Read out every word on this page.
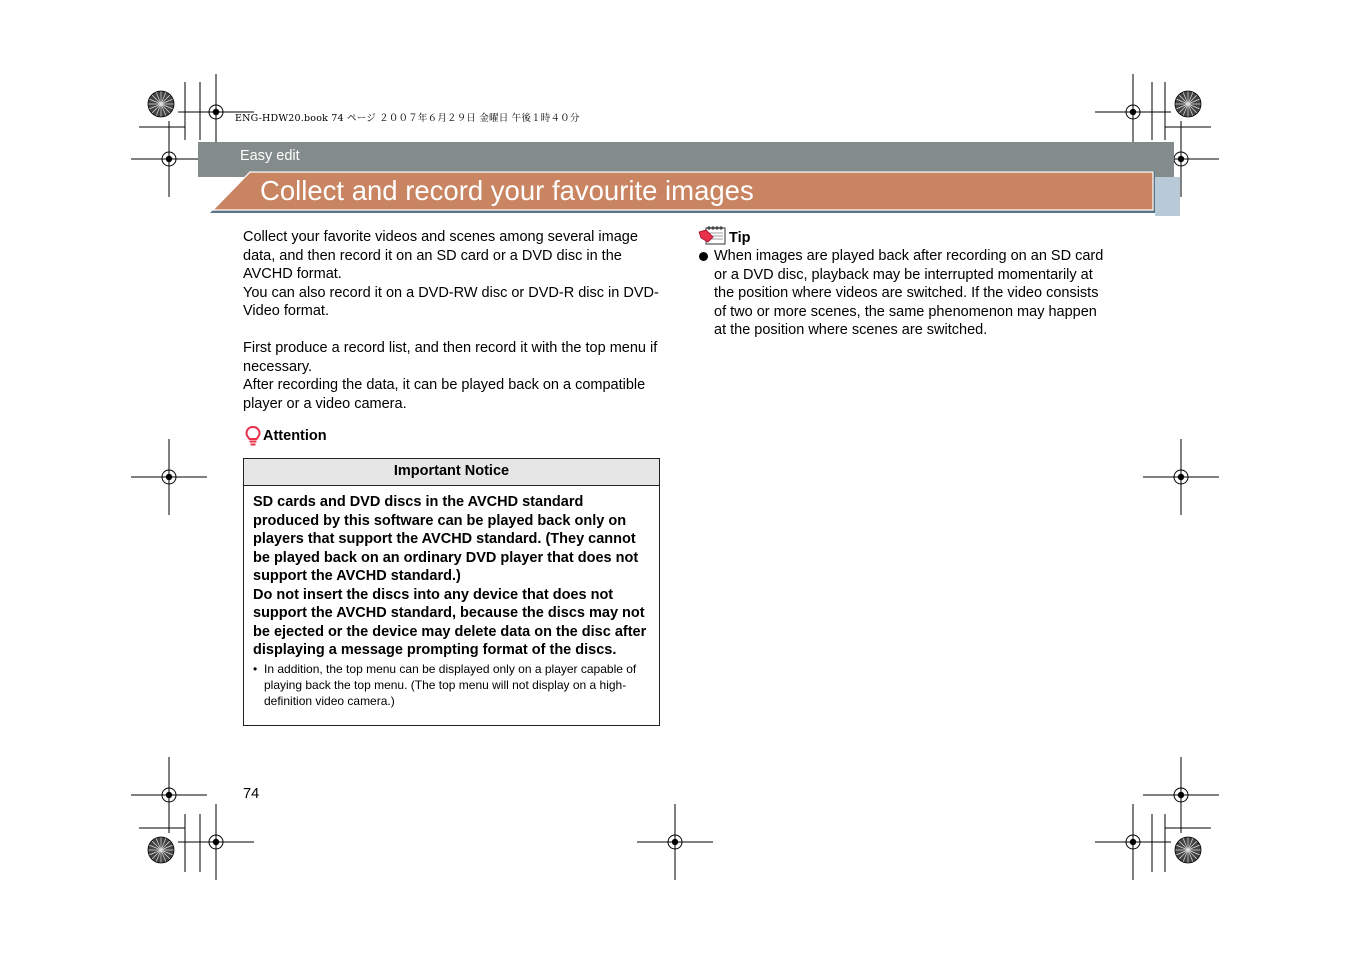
ENG-HDW20.book 74 ページ ２００７年６月２９日 金曜日 午後１時４０分
Easy edit
Collect and record your favourite images

Collect your favorite videos and scenes among several image data, and then record it on an SD card or a DVD disc in the AVCHD format.

You can also record it on a DVD-RW disc or DVD-R disc in DVD-Video format.

First produce a record list, and then record it with the top menu if necessary.

After recording the data, it can be played back on a compatible player or a video camera.

Attention
Important Notice

SD cards and DVD discs in the AVCHD standard produced by this software can be played back only on players that support the AVCHD standard. (They cannot be played back on an ordinary DVD player that does not support the AVCHD standard.)

Do not insert the discs into any device that does not support the AVCHD standard, because the discs may not be ejected or the device may delete data on the disc after displaying a message prompting format of the discs.

• In addition, the top menu can be displayed only on a player capable of playing back the top menu. (The top menu will not display on a high-definition video camera.)
Tip
When images are played back after recording on an SD card or a DVD disc, playback may be interrupted momentarily at the position where videos are switched. If the video consists of two or more scenes, the same phenomenon may happen at the position where scenes are switched.
74
